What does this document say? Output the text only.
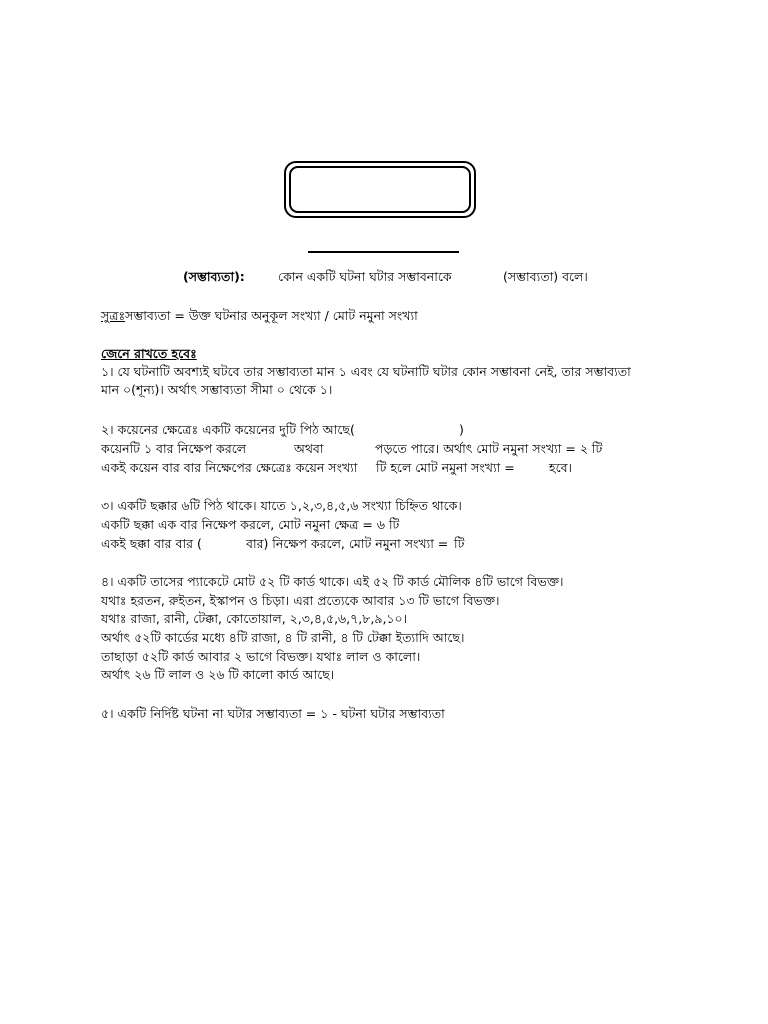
(সম্ভাব্যতা):	কোন একটি ঘটনা ঘটার সম্ভাবনাকে	(সম্ভাব্যতা) বলে।

সুত্রঃসম্ভাব্যতা = উক্ত ঘটনার অনুকূল সংখ্যা / মোট নমুনা সংখ্যা

জেনে রাখতে হবেঃ

১। যে ঘটনাটি অবশ্যই ঘটবে তার সম্ভাব্যতা মান ১ এবং যে ঘটনাটি ঘটার কোন সম্ভাবনা নেই, তার সম্ভাব্যতা

মান ০(শূন্য)। অর্থাৎ সম্ভাব্যতা সীমা ০ থেকে ১।

২। কয়েনের ক্ষেত্রেঃ একটি কয়েনের দুটি পিঠ আছে(	)

কয়েনটি ১ বার নিক্ষেপ করলে	অথবা	পড়তে পারে। অর্থাৎ মোট নমুনা সংখ্যা = ২ টি

একই কয়েন বার বার নিক্ষেপের ক্ষেত্রেঃ কয়েন সংখ্যা টি হলে মোট নমুনা সংখ্যা =	হবে।

৩। একটি ছক্কার ৬টি পিঠ থাকে। যাতে ১,২,৩,৪,৫,৬ সংখ্যা চিহ্নিত থাকে।

একটি ছক্কা এক বার নিক্ষেপ করলে, মোট নমুনা ক্ষেত্র = ৬ টি

একই ছক্কা বার বার (	বার) নিক্ষেপ করলে, মোট নমুনা সংখ্যা = টি

৪। একটি তাসের প্যাকেটে মোট ৫২ টি কার্ড থাকে। এই ৫২ টি কার্ড মৌলিক ৪টি ভাগে বিভক্ত।

যথাঃ হরতন, রুইতন, ইস্কাপন ও চিড়া। এরা প্রত্যেকে আবার ১৩ টি ভাগে বিভক্ত।

যথাঃ রাজা, রানী, টেক্কা, কোতোয়াল, ২,৩,৪,৫,৬,৭,৮,৯,১০।

অর্থাৎ ৫২টি কার্ডের মধ্যে ৪টি রাজা, ৪ টি রানী, ৪ টি টেক্কা ইত্যাদি আছে।

তাছাড়া ৫২টি কার্ড আবার ২ ভাগে বিভক্ত। যথাঃ লাল ও কালো।

অর্থাৎ ২৬ টি লাল ও ২৬ টি কালো কার্ড আছে।

৫। একটি নির্দিষ্ট ঘটনা না ঘটার সম্ভাব্যতা = ১ - ঘটনা ঘটার সম্ভাব্যতা
